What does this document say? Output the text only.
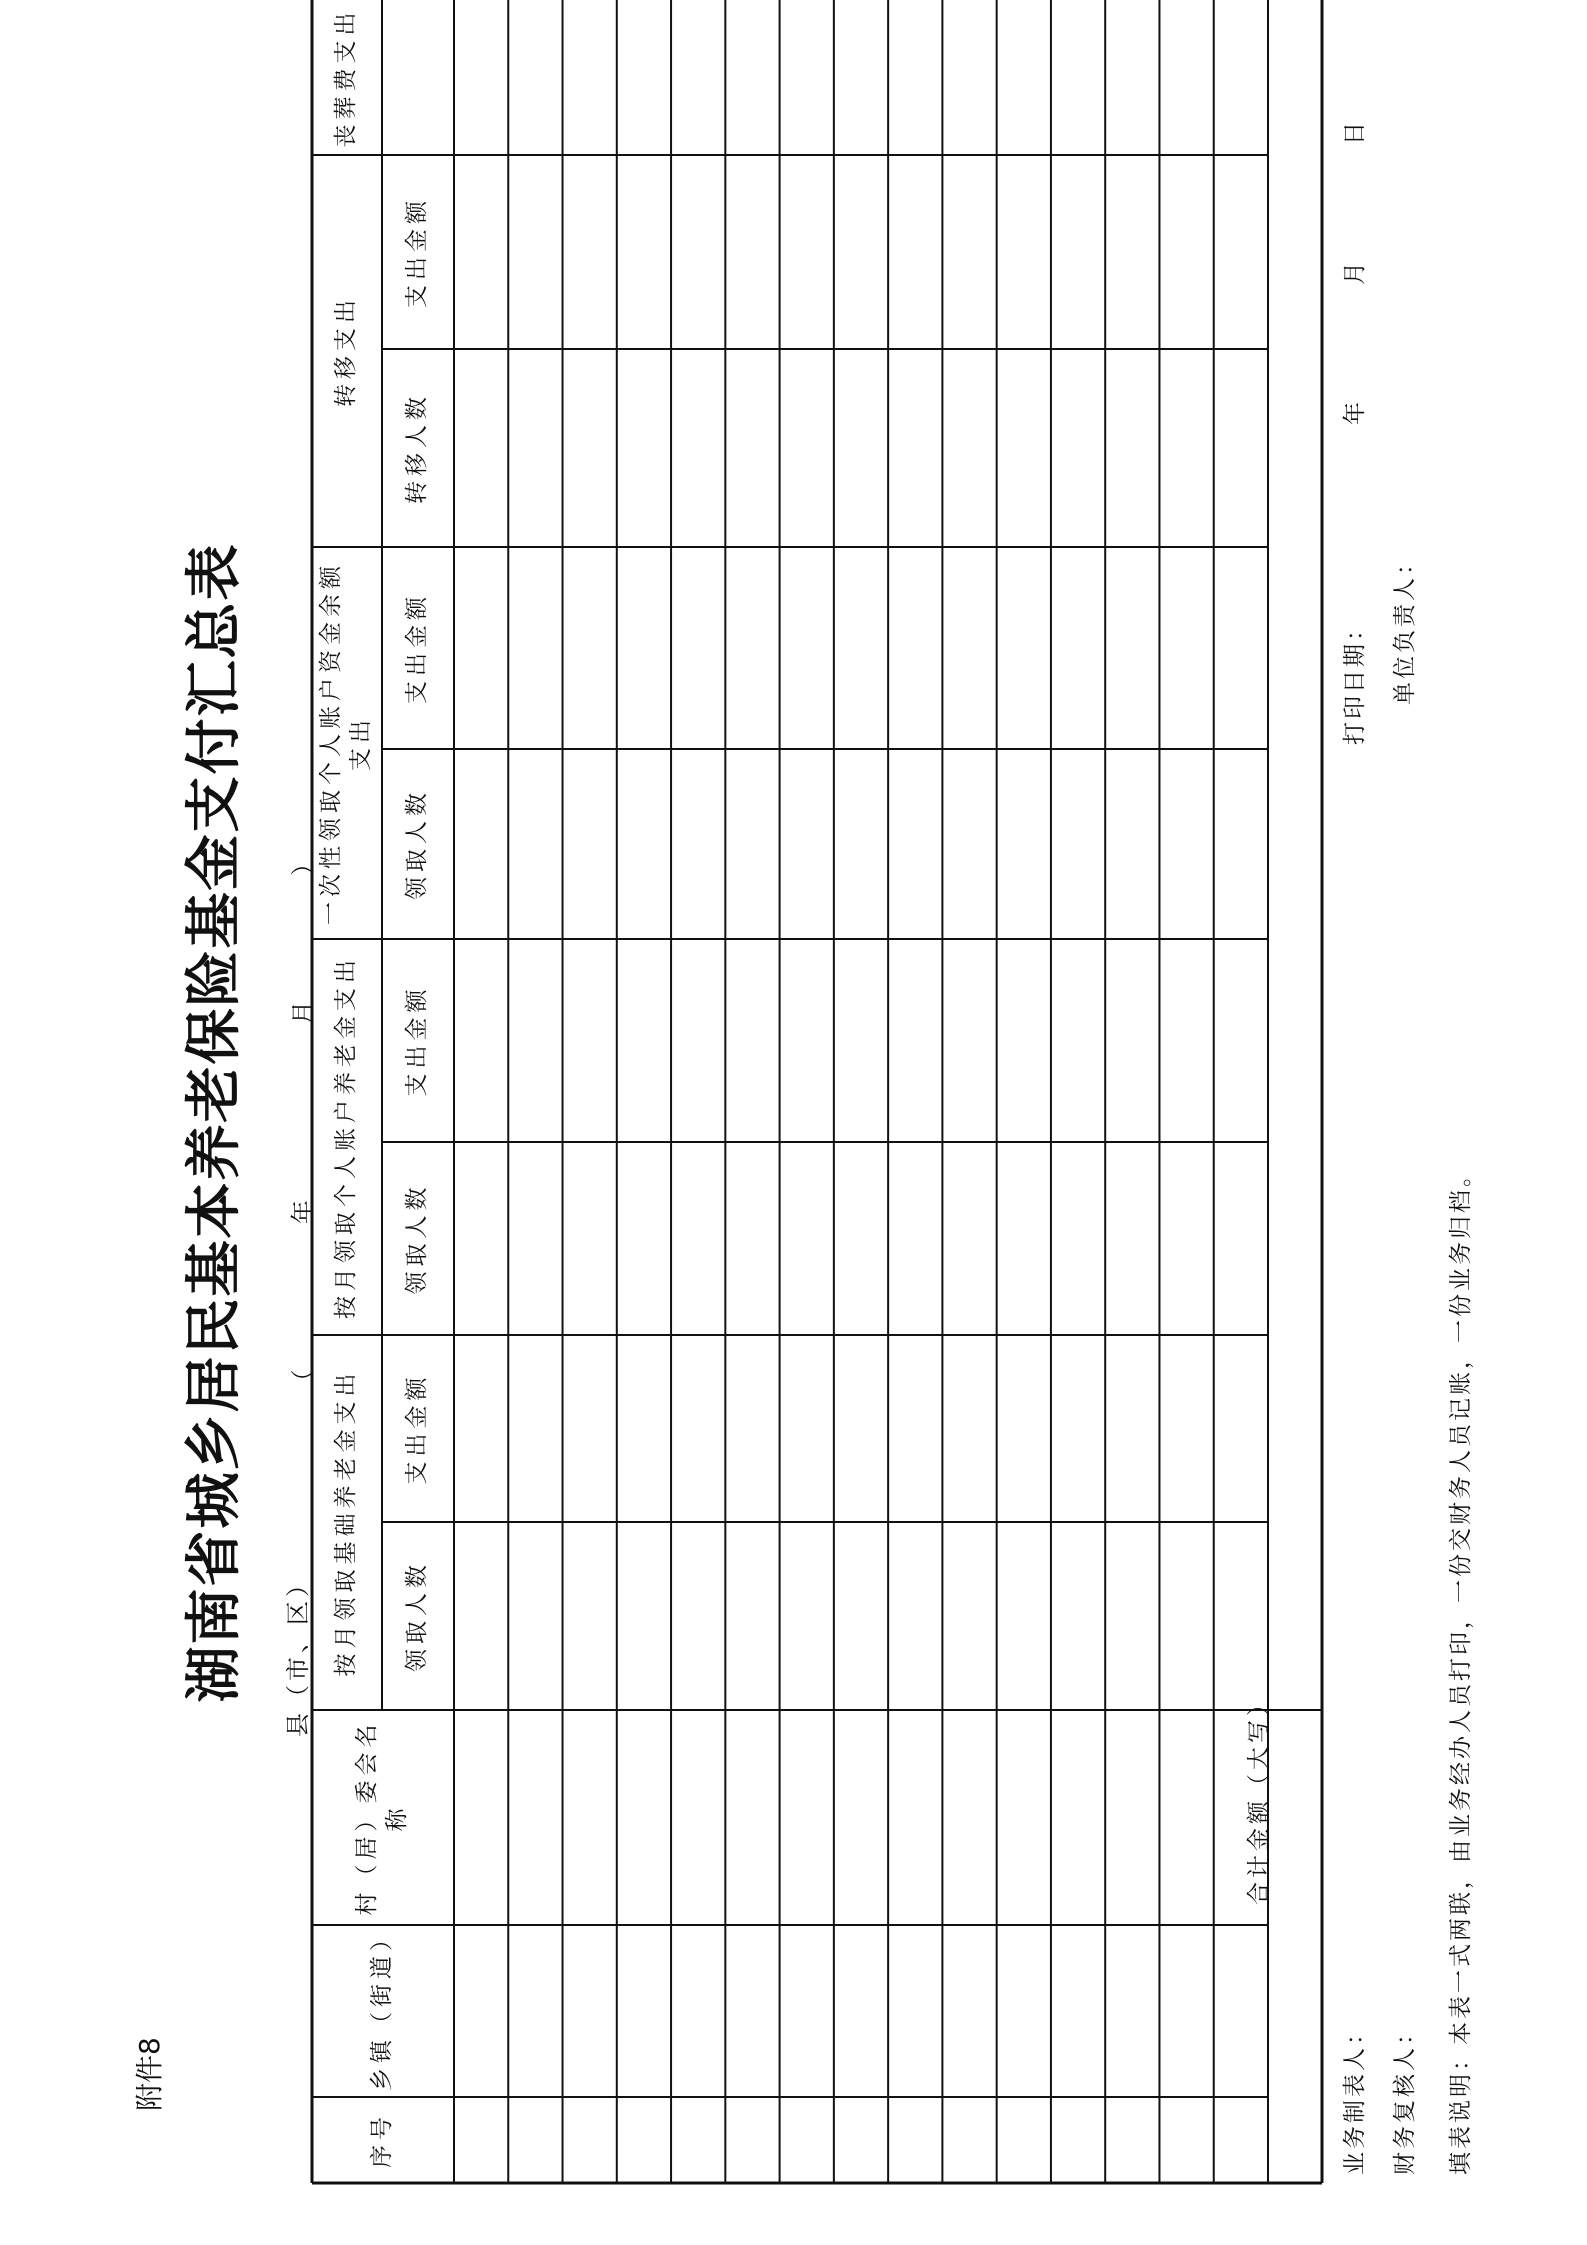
附件8
湖南省城乡居民基本养老保险基金支付汇总表 （  年  月  ）
县（市、区）
序号
乡镇（街道）
村（居）委会名称
按月领取基础养老金支出	领取人数
支出金额
按月领取个人账户养老金支出	领取人数
支出金额
一次性领取个人账户资金余额支出
领取人数
支出金额
转移支出
转移人数
支出金额
丧葬费支出
合计金额（大写）
业务制表人： 财务复核人：
打印日期： 单位负责人：
年
月
日
填表说明：本表一式两联，由业务经办人员打印，一份交财务人员记账，一份业务归档。
